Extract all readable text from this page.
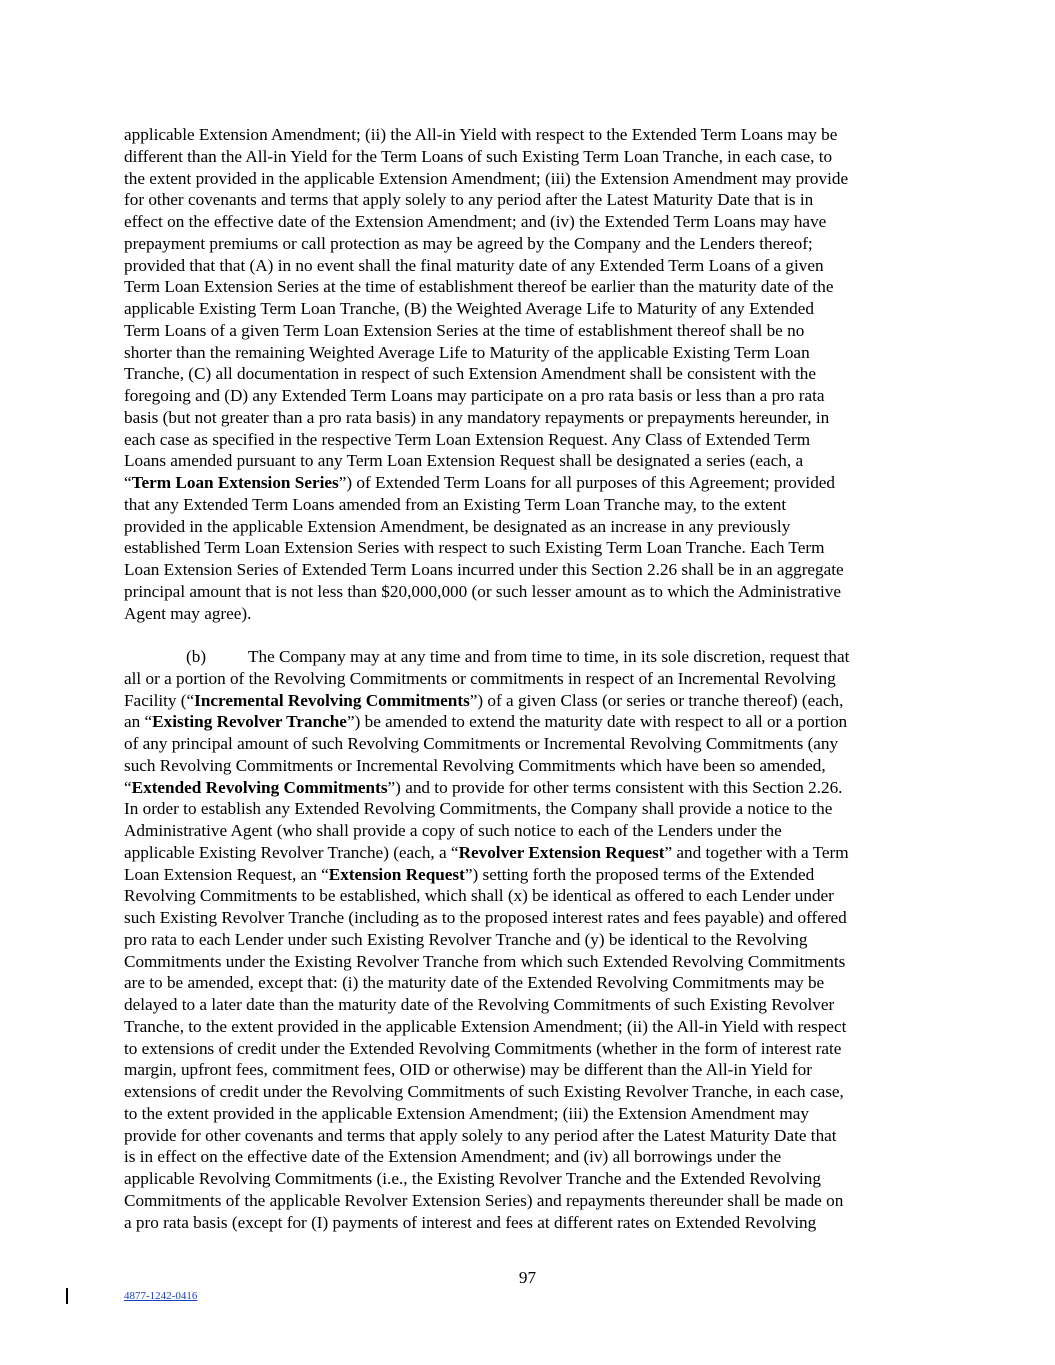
applicable Extension Amendment; (ii) the All-in Yield with respect to the Extended Term Loans may be
different than the All-in Yield for the Term Loans of such Existing Term Loan Tranche, in each case, to
the extent provided in the applicable Extension Amendment; (iii) the Extension Amendment may provide
for other covenants and terms that apply solely to any period after the Latest Maturity Date that is in
effect on the effective date of the Extension Amendment; and (iv) the Extended Term Loans may have
prepayment premiums or call protection as may be agreed by the Company and the Lenders thereof;
provided that that (A) in no event shall the final maturity date of any Extended Term Loans of a given
Term Loan Extension Series at the time of establishment thereof be earlier than the maturity date of the
applicable Existing Term Loan Tranche, (B) the Weighted Average Life to Maturity of any Extended
Term Loans of a given Term Loan Extension Series at the time of establishment thereof shall be no
shorter than the remaining Weighted Average Life to Maturity of the applicable Existing Term Loan
Tranche, (C) all documentation in respect of such Extension Amendment shall be consistent with the
foregoing and (D) any Extended Term Loans may participate on a pro rata basis or less than a pro rata
basis (but not greater than a pro rata basis) in any mandatory repayments or prepayments hereunder, in
each case as specified in the respective Term Loan Extension Request. Any Class of Extended Term
Loans amended pursuant to any Term Loan Extension Request shall be designated a series (each, a
“Term Loan Extension Series”) of Extended Term Loans for all purposes of this Agreement; provided
that any Extended Term Loans amended from an Existing Term Loan Tranche may, to the extent
provided in the applicable Extension Amendment, be designated as an increase in any previously
established Term Loan Extension Series with respect to such Existing Term Loan Tranche. Each Term
Loan Extension Series of Extended Term Loans incurred under this Section 2.26 shall be in an aggregate
principal amount that is not less than $20,000,000 (or such lesser amount as to which the Administrative
Agent may agree).
(b) The Company may at any time and from time to time, in its sole discretion, request that
all or a portion of the Revolving Commitments or commitments in respect of an Incremental Revolving
Facility (“Incremental Revolving Commitments”) of a given Class (or series or tranche thereof) (each,
an “Existing Revolver Tranche”) be amended to extend the maturity date with respect to all or a portion
of any principal amount of such Revolving Commitments or Incremental Revolving Commitments (any
such Revolving Commitments or Incremental Revolving Commitments which have been so amended,
“Extended Revolving Commitments”) and to provide for other terms consistent with this Section 2.26.
In order to establish any Extended Revolving Commitments, the Company shall provide a notice to the
Administrative Agent (who shall provide a copy of such notice to each of the Lenders under the
applicable Existing Revolver Tranche) (each, a “Revolver Extension Request” and together with a Term
Loan Extension Request, an “Extension Request”) setting forth the proposed terms of the Extended
Revolving Commitments to be established, which shall (x) be identical as offered to each Lender under
such Existing Revolver Tranche (including as to the proposed interest rates and fees payable) and offered
pro rata to each Lender under such Existing Revolver Tranche and (y) be identical to the Revolving
Commitments under the Existing Revolver Tranche from which such Extended Revolving Commitments
are to be amended, except that: (i) the maturity date of the Extended Revolving Commitments may be
delayed to a later date than the maturity date of the Revolving Commitments of such Existing Revolver
Tranche, to the extent provided in the applicable Extension Amendment; (ii) the All-in Yield with respect
to extensions of credit under the Extended Revolving Commitments (whether in the form of interest rate
margin, upfront fees, commitment fees, OID or otherwise) may be different than the All-in Yield for
extensions of credit under the Revolving Commitments of such Existing Revolver Tranche, in each case,
to the extent provided in the applicable Extension Amendment; (iii) the Extension Amendment may
provide for other covenants and terms that apply solely to any period after the Latest Maturity Date that
is in effect on the effective date of the Extension Amendment; and (iv) all borrowings under the
applicable Revolving Commitments (i.e., the Existing Revolver Tranche and the Extended Revolving
Commitments of the applicable Revolver Extension Series) and repayments thereunder shall be made on
a pro rata basis (except for (I) payments of interest and fees at different rates on Extended Revolving
97
4877-1242-0416
